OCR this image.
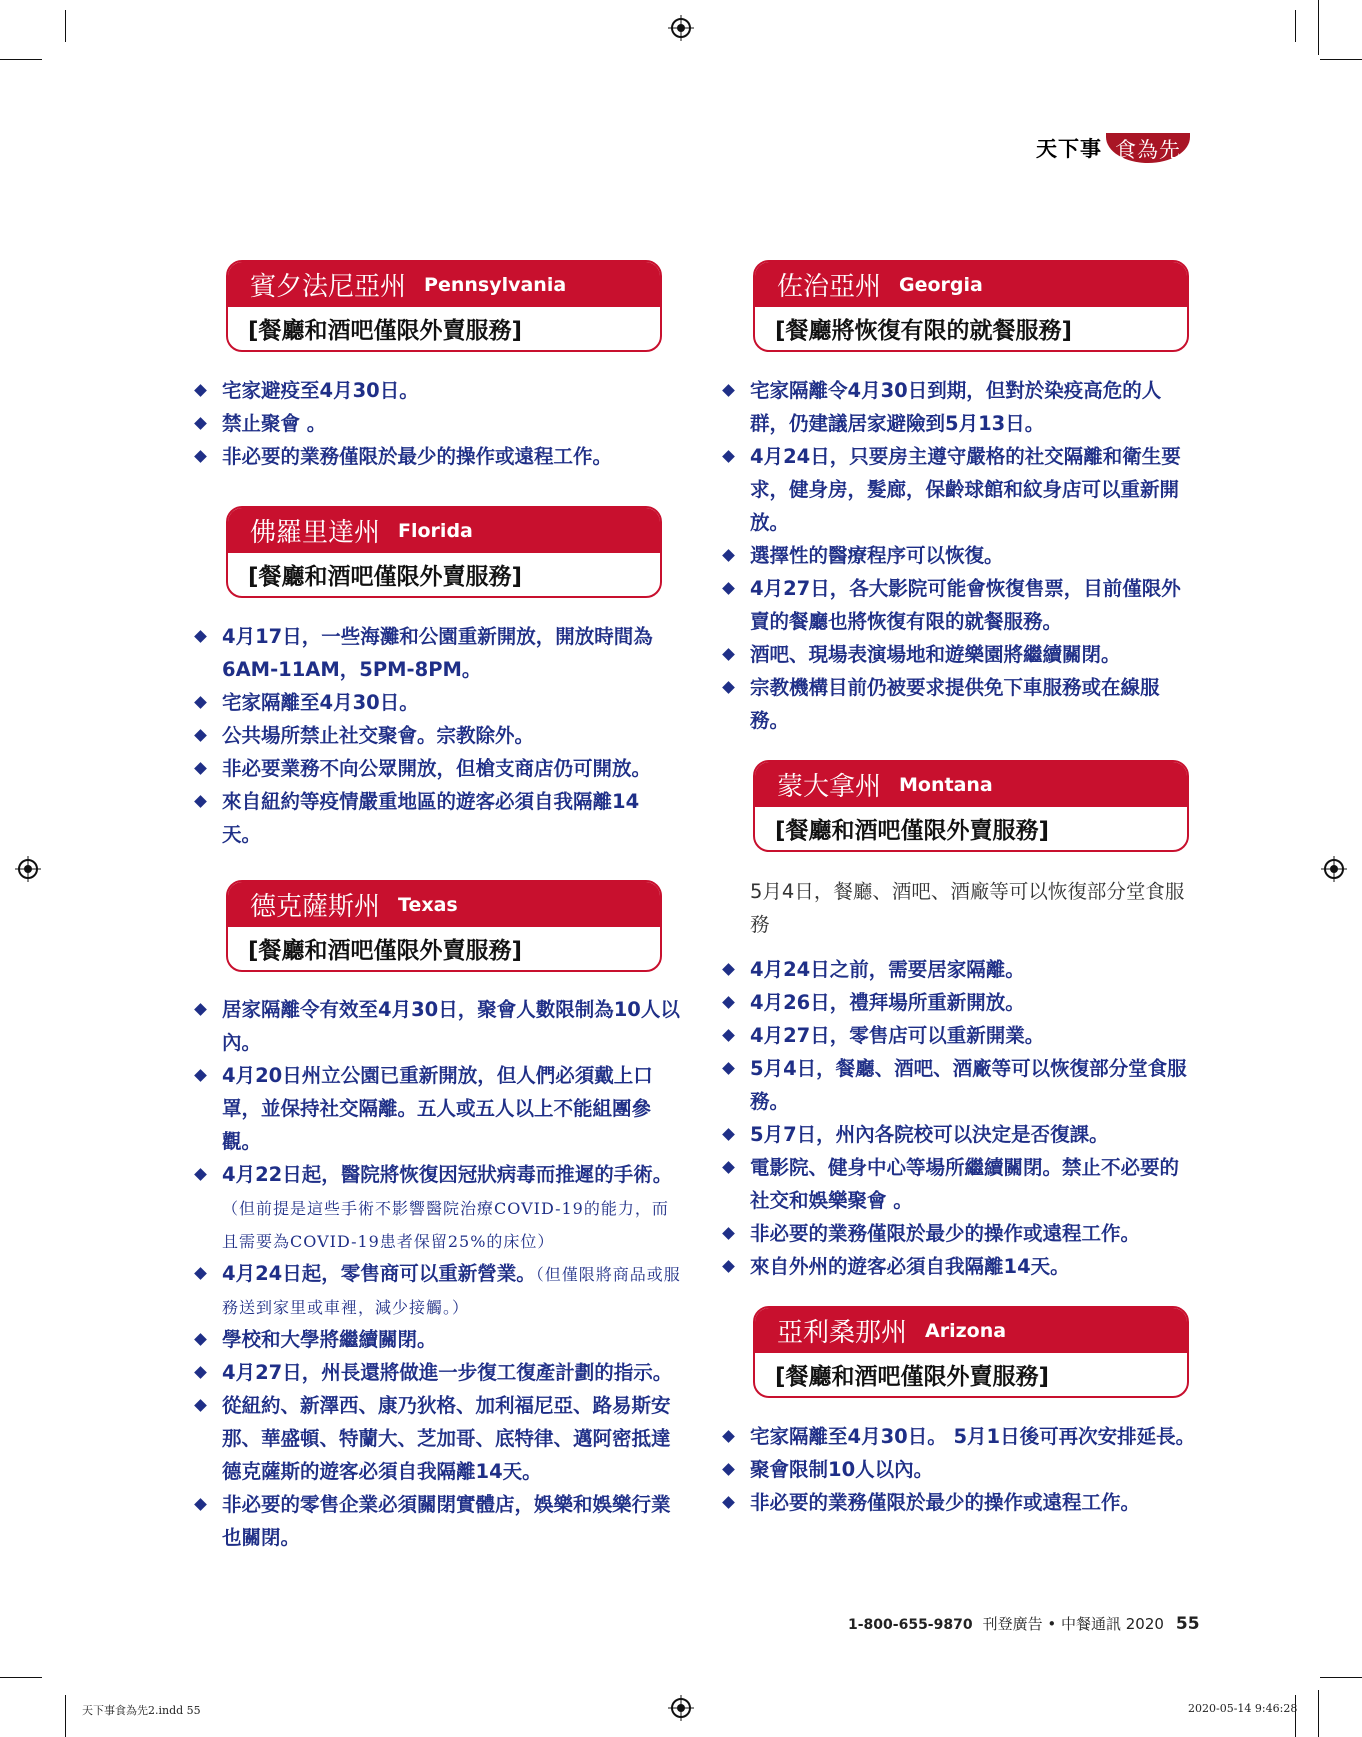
天下事 食為先
賓夕法尼亞州 Pennsylvania
[餐廳和酒吧僅限外賣服務]
宅家避疫至4月30日。
禁止聚會 。
非必要的業務僅限於最少的操作或遠程工作。
佛羅里達州 Florida
[餐廳和酒吧僅限外賣服務]
4月17日，一些海灘和公園重新開放，開放時間為6AM-11AM，5PM-8PM。
宅家隔離至4月30日。
公共場所禁止社交聚會。宗教除外。
非必要業務不向公眾開放，但槍支商店仍可開放。
來自紐約等疫情嚴重地區的遊客必須自我隔離14天。
德克薩斯州 Texas
[餐廳和酒吧僅限外賣服務]
居家隔離令有效至4月30日，聚會人數限制為10人以內。
4月20日州立公園已重新開放，但人們必須戴上口罩，並保持社交隔離。五人或五人以上不能組團參觀。
4月22日起，醫院將恢復因冠狀病毒而推遲的手術。（但前提是這些手術不影響醫院治療COVID-19的能力，而且需要為COVID-19患者保留25%的床位）
4月24日起，零售商可以重新營業。（但僅限將商品或服務送到家里或車裡，減少接觸。）
學校和大學將繼續關閉。
4月27日，州長還將做進一步復工復產計劃的指示。
從紐約、新澤西、康乃狄格、加利福尼亞、路易斯安那、華盛頓、特蘭大、芝加哥、底特律、邁阿密抵達德克薩斯的遊客必須自我隔離14天。
非必要的零售企業必須關閉實體店，娛樂和娛樂行業也關閉。
佐治亞州 Georgia
[餐廳將恢復有限的就餐服務]
宅家隔離令4月30日到期，但對於染疫高危的人群，仍建議居家避險到5月13日。
4月24日，只要房主遵守嚴格的社交隔離和衛生要求，健身房，髮廊，保齡球館和紋身店可以重新開放。
選擇性的醫療程序可以恢復。
4月27日，各大影院可能會恢復售票，目前僅限外賣的餐廳也將恢復有限的就餐服務。
酒吧、現場表演場地和遊樂園將繼續關閉。
宗教機構目前仍被要求提供免下車服務或在線服務。
蒙大拿州 Montana
[餐廳和酒吧僅限外賣服務]
5月4日，餐廳、酒吧、酒廠等可以恢復部分堂食服務
4月24日之前，需要居家隔離。
4月26日，禮拜場所重新開放。
4月27日，零售店可以重新開業。
5月4日，餐廳、酒吧、酒廠等可以恢復部分堂食服務。
5月7日，州內各院校可以決定是否復課。
電影院、健身中心等場所繼續關閉。禁止不必要的社交和娛樂聚會 。
非必要的業務僅限於最少的操作或遠程工作。
來自外州的遊客必須自我隔離14天。
亞利桑那州 Arizona
[餐廳和酒吧僅限外賣服務]
宅家隔離至4月30日。 5月1日後可再次安排延長。
聚會限制10人以內。
非必要的業務僅限於最少的操作或遠程工作。
1-800-655-9870 刊登廣告 • 中餐通訊 2020 55
天下事食為先2.indd 55	2020-05-14 9:46:28
